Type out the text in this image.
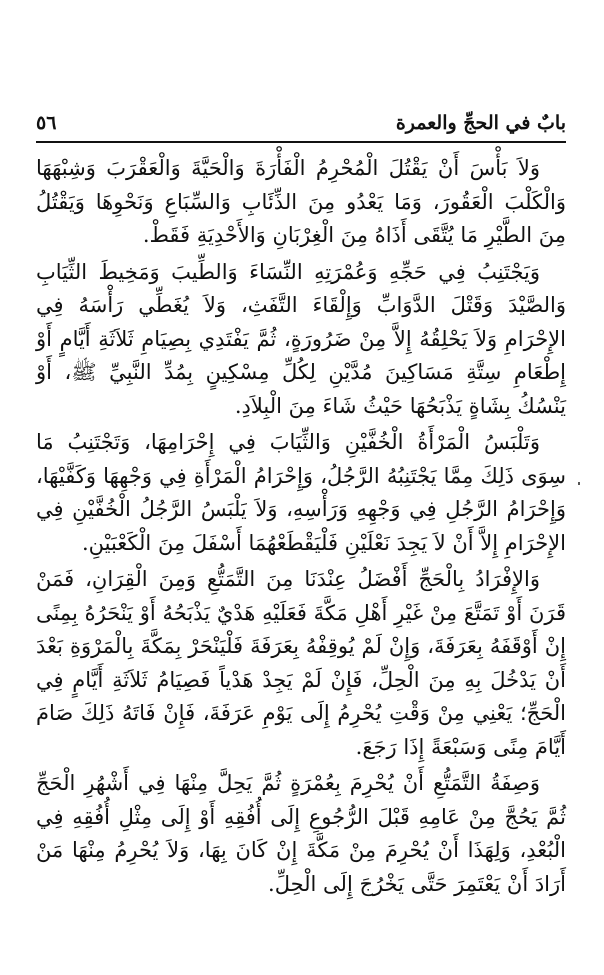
بابٌ في الحجِّ والعمرة
٥٦

وَلاَ بَأْسَ أَنْ يَقْتُلَ الْمُحْرِمُ الْفَأْرَةَ وَالْحَيَّةَ وَالْعَقْرَبَ وَشِبْهَهَا وَالْكَلْبَ الْعَقُورَ، وَمَا يَعْدُو مِنَ الذِّئَابِ وَالسِّبَاعِ وَنَحْوِهَا وَيَقْتُلُ مِنَ الطَّيْرِ مَا يُتَّقَى أَذَاهُ مِنَ الْغِرْبَانِ وَالأَحْدِيَةِ فَقَطْ.

وَيَجْتَنِبُ فِي حَجِّهِ وَعُمْرَتِهِ النِّسَاءَ وَالطِّيبَ وَمَخِيطَ الثِّيَابِ وَالصَّيْدَ وَقَتْلَ الدَّوَابِّ وَإِلْقَاءَ التَّفَثِ، وَلاَ يُغَطِّي رَأْسَهُ فِي الإِحْرَامِ وَلاَ يَحْلِقُهُ إِلاَّ مِنْ ضَرُورَةٍ، ثُمَّ يَفْتَدِي بِصِيَامِ ثَلاَثَةِ أَيَّامٍ أَوْ إِطْعَامِ سِتَّةِ مَسَاكِينَ مُدَّيْنِ لِكُلِّ مِسْكِينٍ بِمُدِّ النَّبِيِّ ﷺ، أَوْ يَنْسُكُ بِشَاةٍ يَذْبَحُهَا حَيْثُ شَاءَ مِنَ الْبِلاَدِ.

وَتَلْبَسُ الْمَرْأَةُ الْخُفَّيْنِ وَالثِّيَابَ فِي إِحْرَامِهَا، وَتَجْتَنِبُ مَا سِوَى ذَلِكَ مِمَّا يَجْتَنِبُهُ الرَّجُلُ، وَإِحْرَامُ الْمَرْأَةِ فِي وَجْهِهَا وَكَفَّيْهَا، وَإِحْرَامُ الرَّجُلِ فِي وَجْهِهِ وَرَأْسِهِ، وَلاَ يَلْبَسُ الرَّجُلُ الْخُفَّيْنِ فِي الإِحْرَامِ إِلاَّ أَنْ لاَ يَجِدَ نَعْلَيْنِ فَلْيَقْطَعْهُمَا أَسْفَلَ مِنَ الْكَعْبَيْنِ.

وَالإِفْرَادُ بِالْحَجِّ أَفْضَلُ عِنْدَنَا مِنَ التَّمَتُّعِ وَمِنَ الْقِرَانِ، فَمَنْ قَرَنَ أَوْ تَمَتَّعَ مِنْ غَيْرِ أَهْلِ مَكَّةَ فَعَلَيْهِ هَدْيٌ يَذْبَحُهُ أَوْ يَنْحَرُهُ بِمِنًى إِنْ أَوْقَفَهُ بِعَرَفَةَ، وَإِنْ لَمْ يُوقِفْهُ بِعَرَفَةَ فَلْيَنْحَرْ بِمَكَّةَ بِالْمَرْوَةِ بَعْدَ أَنْ يَدْخُلَ بِهِ مِنَ الْحِلِّ، فَإِنْ لَمْ يَجِدْ هَدْياً فَصِيَامُ ثَلاَثَةِ أَيَّامٍ فِي الْحَجِّ؛ يَعْنِي مِنْ وَقْتِ يُحْرِمُ إِلَى يَوْمِ عَرَفَةَ، فَإِنْ فَاتَهُ ذَلِكَ صَامَ أَيَّامَ مِنًى وَسَبْعَةً إِذَا رَجَعَ.

وَصِفَةُ التَّمَتُّعِ أَنْ يُحْرِمَ بِعُمْرَةٍ ثُمَّ يَحِلَّ مِنْهَا فِي أَشْهُرِ الْحَجِّ ثُمَّ يَحُجَّ مِنْ عَامِهِ قَبْلَ الرُّجُوعِ إِلَى أُفُقِهِ أَوْ إِلَى مِثْلِ أُفُقِهِ فِي الْبُعْدِ، وَلِهَذَا أَنْ يُحْرِمَ مِنْ مَكَّةَ إِنْ كَانَ بِهَا، وَلاَ يُحْرِمُ مِنْهَا مَنْ أَرَادَ أَنْ يَعْتَمِرَ حَتَّى يَخْرُجَ إِلَى الْحِلِّ.
